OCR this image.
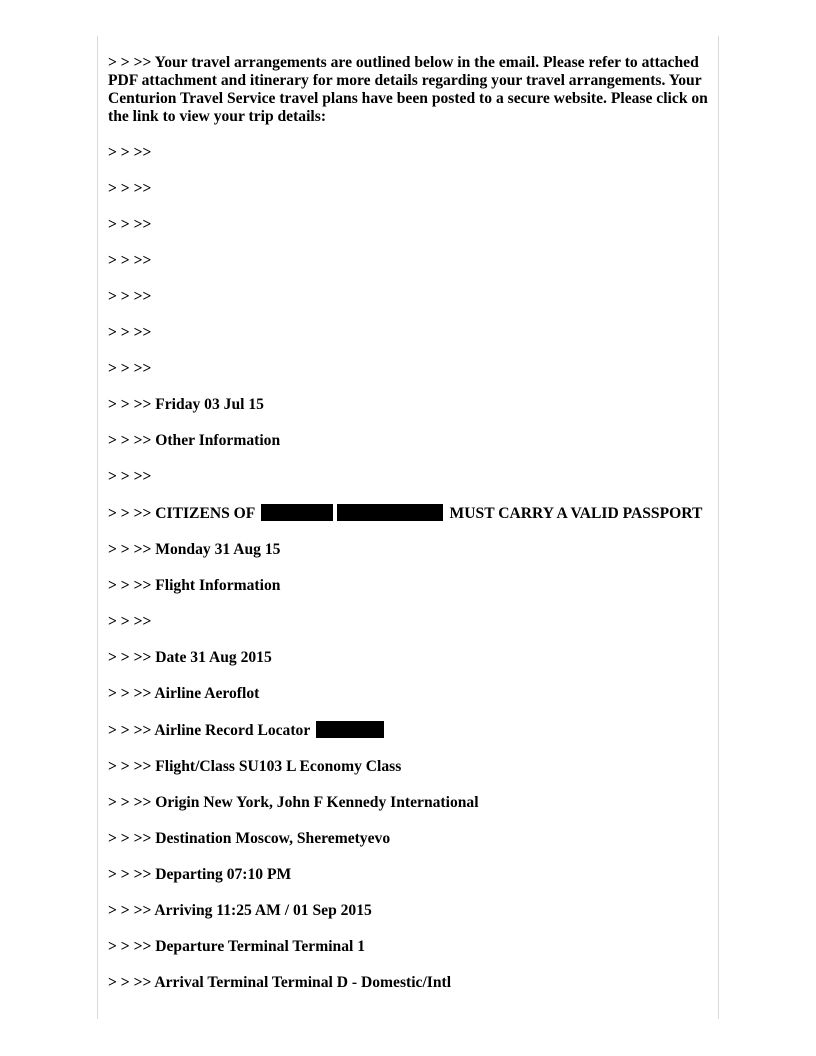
> > >> Your travel arrangements are outlined below in the email. Please refer to attached PDF attachment and itinerary for more details regarding your travel arrangements. Your Centurion Travel Service travel plans have been posted to a secure website. Please click on the link to view your trip details:

> > >>
> > >>
> > >>
> > >>
> > >>
> > >>
> > >>
> > >> Friday 03 Jul 15
> > >> Other Information
> > >>
> > >> CITIZENS OF	MUST CARRY A VALID PASSPORT
> > >> Monday 31 Aug 15
> > >> Flight Information
> > >>
> > >> Date 31 Aug 2015
> > >> Airline Aeroflot
> > >> Airline Record Locator
> > >> Flight/Class SU103 L Economy Class
> > >> Origin New York, John F Kennedy International
> > >> Destination Moscow, Sheremetyevo
> > >> Departing 07:10 PM
> > >> Arriving 11:25 AM / 01 Sep 2015
> > >> Departure Terminal Terminal 1
> > >> Arrival Terminal Terminal D - Domestic/Intl
